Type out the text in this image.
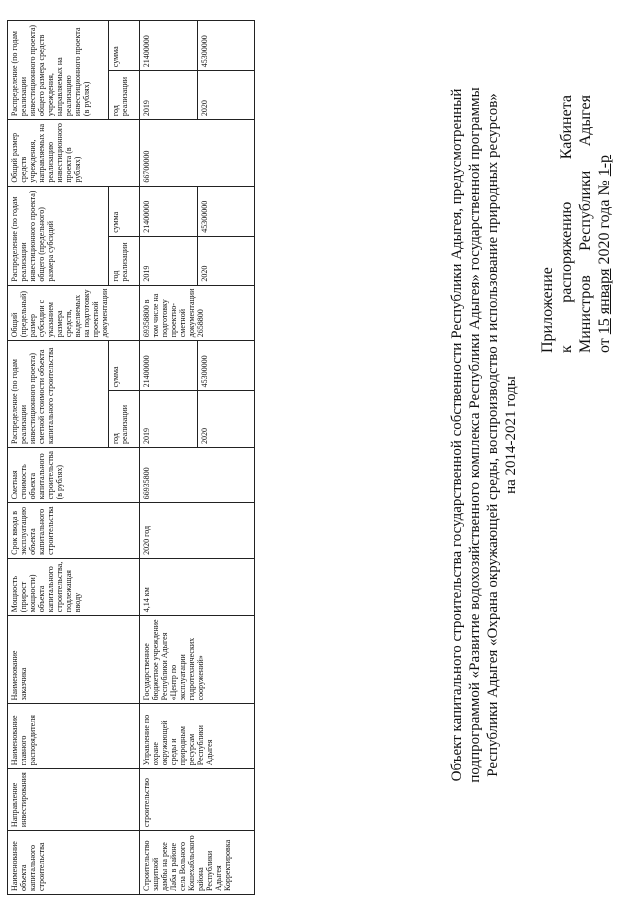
Приложение к
распоряжению
Кабинета
Министров
Республики
Адыгея
от 15 января 2020 года № 1-р
Объект капитального строительства государственной собственности Республики Адыгея, предусмотренный подпрограммой «Развитие водохозяйственного комплекса Республики Адыгея» государственной программы Республики Адыгея «Охрана окружающей среды, воспроизводство и использование природных ресурсов» на 2014-2021 годы
Наименование объекта капитального строительства	Направление инвестирования	Наименование главного распорядителя	Наименование заказчика	Мощность (прирост мощности) объекта капитального строительства, подлежащая вводу	Срок ввода в эксплуатацию объекта капитального строительства	Сметная стоимость объекта капитального строительства (в рублях)	Распределение (по годам реализации инвестиционного проекта) сметной стоимости объекта капитального строительства		Общий (предельный) размер субсидии с указанием размера средств, выделяемых на подготовку проектной документации	Распределение (по годам реализации инвестиционного проекта) общего (предельного) размера субсидий		Общий размер средств учреждения, направляемых на реализацию инвестиционного проекта (в рублях)	Распределение (по годам реализации инвестиционного проекта) общего размера средств учреждения, направляемых на реализацию инвестиционного проекта (в рублях)	
							год реализации	сумма		год реализации	сумма		год реализации	сумма
Строительство защитной дамбы на реке Лаба в районе села Вольного Кошехабльского района Республики Адыгея Корректировка	строительство	Управление по охране окружающей среды и природным ресурсам Республики Адыгея	Государственное бюджетное учреждение Республики Адыгея «Центр по эксплуатации гидротехнических сооружений»	4,14 км	2020 год	66935800	2019	21400000	69358800 в том числе на подготовку проектно-сметной документации 2658800	2019	21400000	66700000	2019	21400000
							2020	45300000		2020	45300000		2020	45300000
